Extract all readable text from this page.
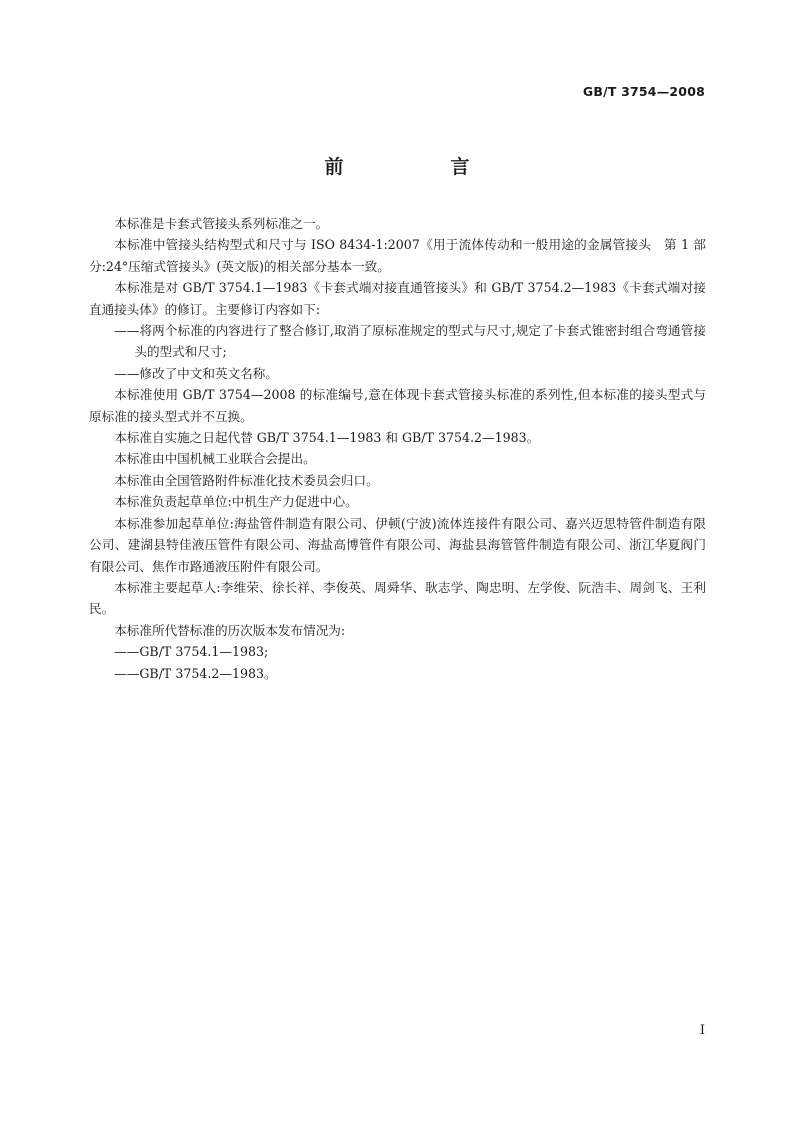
GB/T 3754—2008
前　言

本标准是卡套式管接头系列标准之一。

本标准中管接头结构型式和尺寸与 ISO 8434-1:2007《用于流体传动和一般用途的金属管接头　第 1 部分:24°压缩式管接头》(英文版)的相关部分基本一致。

本标准是对 GB/T 3754.1—1983《卡套式端对接直通管接头》和 GB/T 3754.2—1983《卡套式端对接直通接头体》的修订。主要修订内容如下:

——将两个标准的内容进行了整合修订,取消了原标准规定的型式与尺寸,规定了卡套式锥密封组合弯通管接头的型式和尺寸;

——修改了中文和英文名称。

本标准使用 GB/T 3754—2008 的标准编号,意在体现卡套式管接头标准的系列性,但本标准的接头型式与原标准的接头型式并不互换。

本标准自实施之日起代替 GB/T 3754.1—1983 和 GB/T 3754.2—1983。

本标准由中国机械工业联合会提出。

本标准由全国管路附件标准化技术委员会归口。

本标准负责起草单位:中机生产力促进中心。

本标准参加起草单位:海盐管件制造有限公司、伊顿(宁波)流体连接件有限公司、嘉兴迈思特管件制造有限公司、建湖县特佳液压管件有限公司、海盐高博管件有限公司、海盐县海管管件制造有限公司、浙江华夏阀门有限公司、焦作市路通液压附件有限公司。

本标准主要起草人:李维荣、徐长祥、李俊英、周舜华、耿志学、陶忠明、左学俊、阮浩丰、周剑飞、王利民。

本标准所代替标准的历次版本发布情况为:

——GB/T 3754.1—1983;

——GB/T 3754.2—1983。

I
